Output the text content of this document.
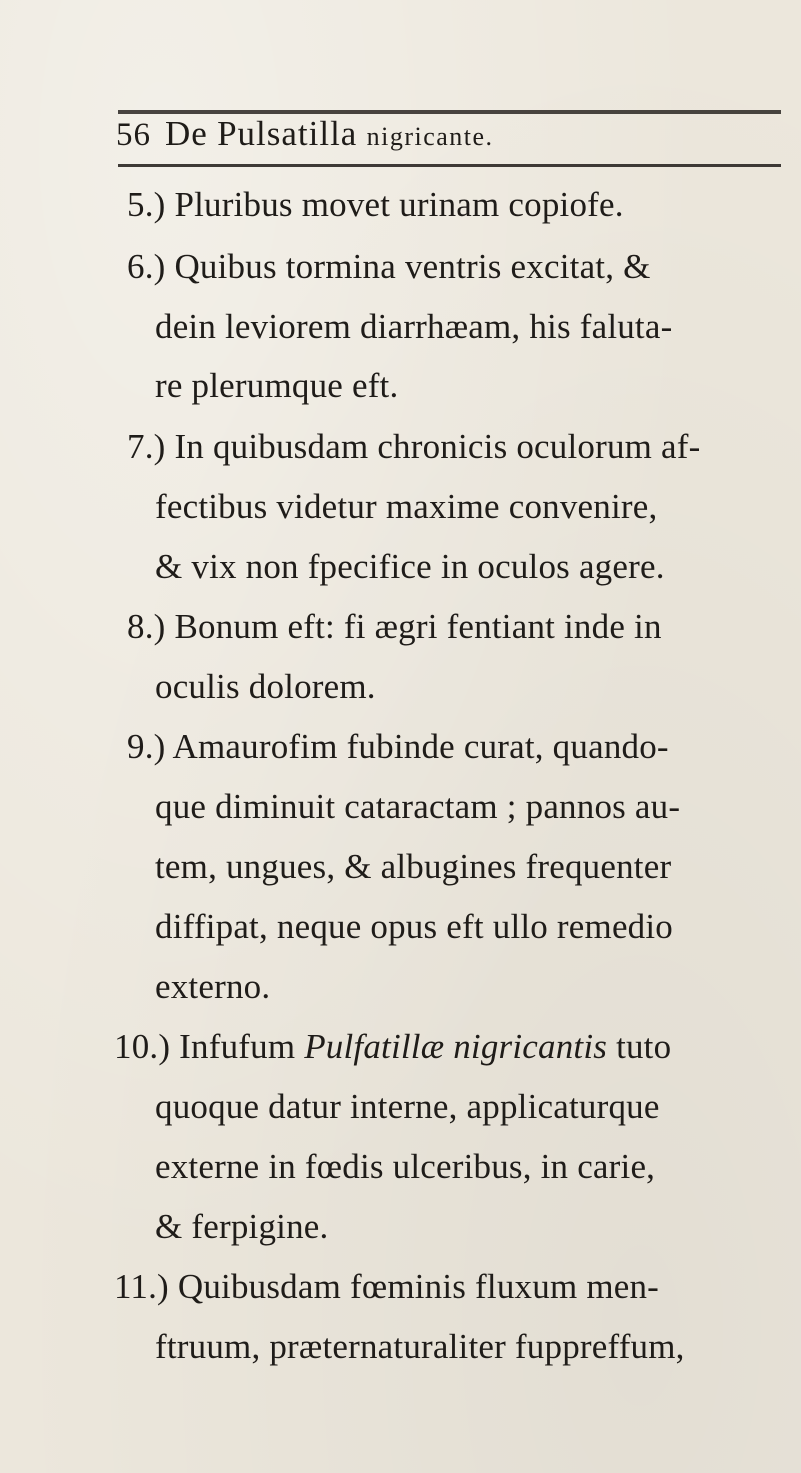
56 De Pulsatilla nigricante.
5.) Pluribus movet urinam copiofe.
6.) Quibus tormina ventris excitat, &
dein leviorem diarrhæam, his faluta-
re plerumque eft.
7.) In quibusdam chronicis oculorum af-
fectibus videtur maxime convenire,
& vix non fpecifice in oculos agere.
8.) Bonum eft: fi ægri fentiant inde in
oculis dolorem.
9.) Amaurofim fubinde curat, quando-
que diminuit cataractam ; pannos au-
tem, ungues, & albugines frequenter
diffipat, neque opus eft ullo remedio
externo.
10.) Infufum Pulfatillæ nigricantis tuto
quoque datur interne, applicaturque
externe in fœdis ulceribus, in carie,
& ferpigine.
11.) Quibusdam fœminis fluxum men-
ftruum, præternaturaliter fuppreffum,
